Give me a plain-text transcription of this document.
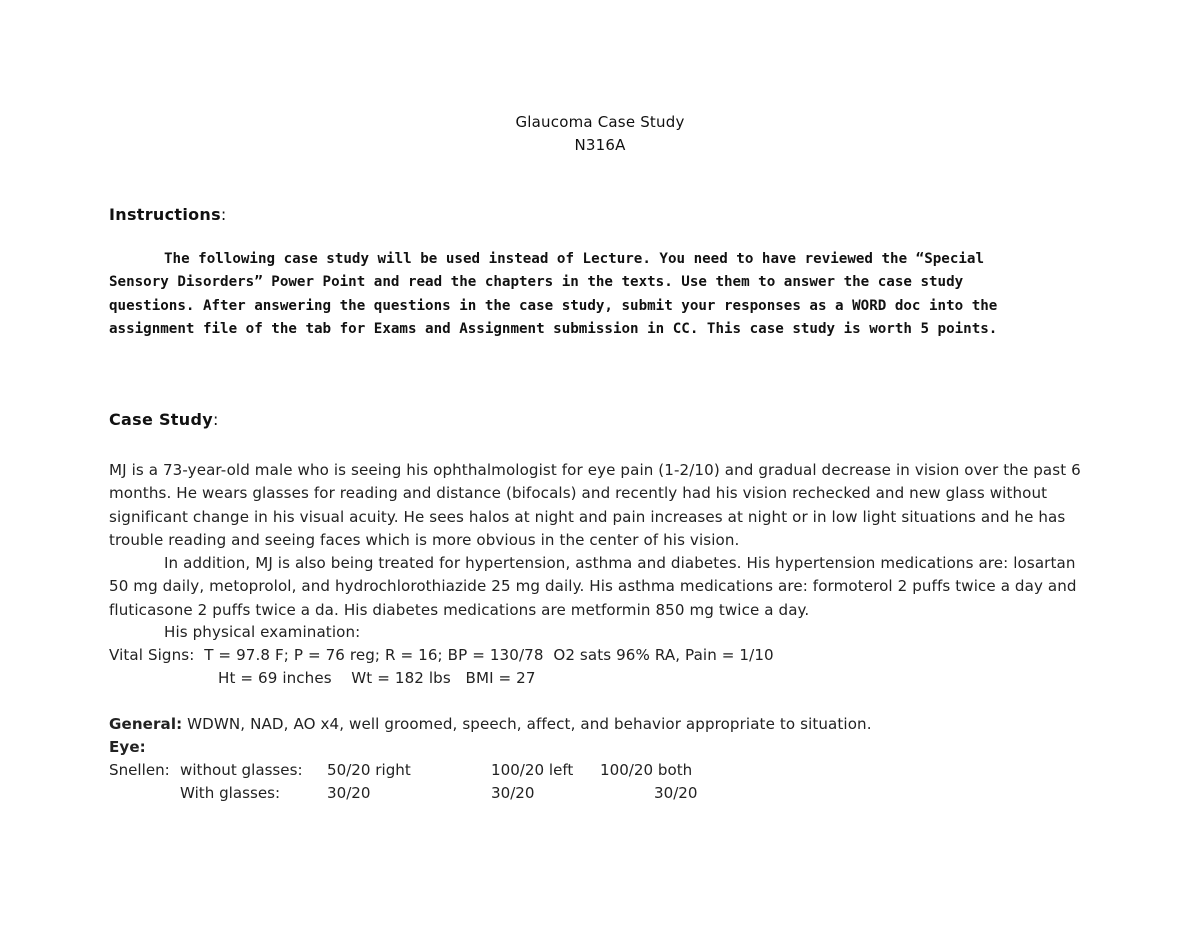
Glaucoma Case Study
N316A
Instructions:

The following case study will be used instead of Lecture. You need to have reviewed the “Special Sensory Disorders” Power Point and read the chapters in the texts. Use them to answer the case study questions. After answering the questions in the case study, submit your responses as a WORD doc into the assignment file of the tab for Exams and Assignment submission in CC. This case study is worth 5 points.

Case Study:

MJ is a 73-year-old male who is seeing his ophthalmologist for eye pain (1-2/10) and gradual decrease in vision over the past 6 months. He wears glasses for reading and distance (bifocals) and recently had his vision rechecked and new glass without significant change in his visual acuity. He sees halos at night and pain increases at night or in low light situations and he has trouble reading and seeing faces which is more obvious in the center of his vision.

In addition, MJ is also being treated for hypertension, asthma and diabetes. His hypertension medications are: losartan 50 mg daily, metoprolol, and hydrochlorothiazide 25 mg daily. His asthma medications are: formoterol 2 puffs twice a day and fluticasone 2 puffs twice a da. His diabetes medications are metformin 850 mg twice a day.

His physical examination:

Vital Signs:  T = 97.8 F; P = 76 reg; R = 16; BP = 130/78  O2 sats 96% RA, Pain = 1/10

Ht = 69 inches    Wt = 182 lbs   BMI = 27

General: WDWN, NAD, AO x4, well groomed, speech, affect, and behavior appropriate to situation.

Eye:

Snellen: without glasses: 50/20 right	100/20 left 100/20 both
With glasses:	30/20	30/20	30/20
